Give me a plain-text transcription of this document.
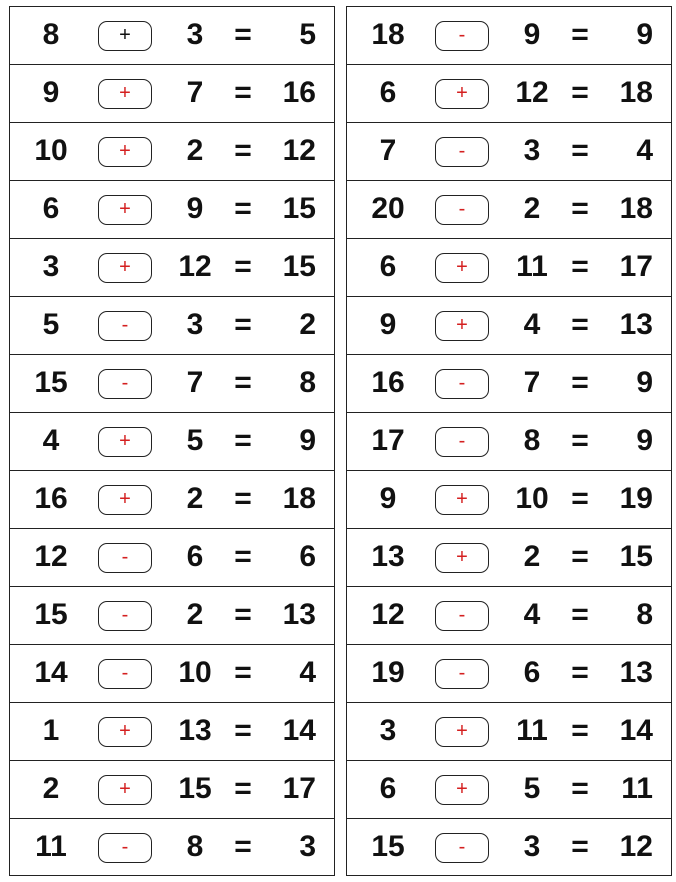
8	+	3	=	5
9	+	7	=	16
10	+	2	=	12
6	+	9	=	15
3	+	12 =	15
5	-	3	=	2
15	-	7	=	8
4	+	5	=	9
16	+	2	=	18
12	-	6	=	6
15	-	2	=	13
14	-	10 =	4
1	+	13 =	14
2	+	15 =	17
11	-	8	=	3
18	-	9	=	9
6	+	12 =	18
7	-	3	=	4
20	-	2	=	18
6	+	11 =	17
9	+	4	=	13
16	-	7	=	9
17	-	8	=	9
9	+	10 =	19
13	+	2	=	15
12	-	4	=	8
19	-	6	=	13
3	+	11 =	14
6	+	5	=	11
15	-	3	=	12
